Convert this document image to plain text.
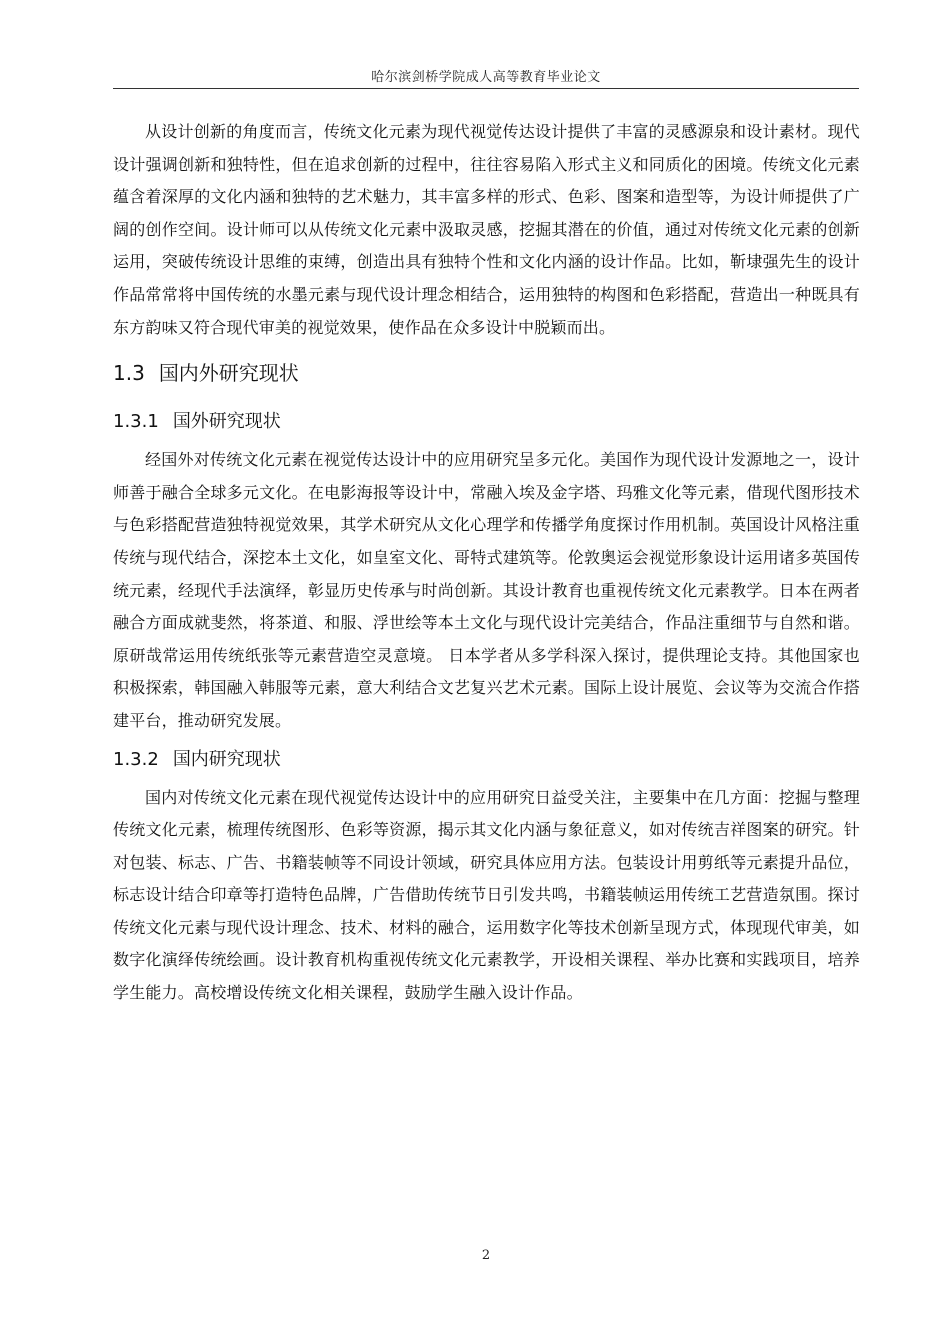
哈尔滨剑桥学院成人高等教育毕业论文

从设计创新的角度而言，传统文化元素为现代视觉传达设计提供了丰富的灵感源泉和设计素材。现代设计强调创新和独特性，但在追求创新的过程中，往往容易陷入形式主义和同质化的困境。传统文化元素蕴含着深厚的文化内涵和独特的艺术魅力，其丰富多样的形式、色彩、图案和造型等，为设计师提供了广阔的创作空间。设计师可以从传统文化元素中汲取灵感，挖掘其潜在的价值，通过对传统文化元素的创新运用，突破传统设计思维的束缚，创造出具有独特个性和文化内涵的设计作品。比如，靳埭强先生的设计作品常常将中国传统的水墨元素与现代设计理念相结合，运用独特的构图和色彩搭配，营造出一种既具有东方韵味又符合现代审美的视觉效果，使作品在众多设计中脱颖而出。

1.3 国内外研究现状
1.3.1 国外研究现状

经国外对传统文化元素在视觉传达设计中的应用研究呈多元化。美国作为现代设计发源地之一，设计师善于融合全球多元文化。在电影海报等设计中，常融入埃及金字塔、玛雅文化等元素，借现代图形技术与色彩搭配营造独特视觉效果，其学术研究从文化心理学和传播学角度探讨作用机制。英国设计风格注重传统与现代结合，深挖本土文化，如皇室文化、哥特式建筑等。伦敦奥运会视觉形象设计运用诸多英国传统元素，经现代手法演绎，彰显历史传承与时尚创新。其设计教育也重视传统文化元素教学。日本在两者融合方面成就斐然，将茶道、和服、浮世绘等本土文化与现代设计完美结合，作品注重细节与自然和谐。原研哉常运用传统纸张等元素营造空灵意境。 日本学者从多学科深入探讨，提供理论支持。其他国家也积极探索，韩国融入韩服等元素，意大利结合文艺复兴艺术元素。国际上设计展览、会议等为交流合作搭建平台，推动研究发展。

1.3.2 国内研究现状

国内对传统文化元素在现代视觉传达设计中的应用研究日益受关注，主要集中在几方面：挖掘与整理传统文化元素，梳理传统图形、色彩等资源，揭示其文化内涵与象征意义，如对传统吉祥图案的研究。针对包装、标志、广告、书籍装帧等不同设计领域，研究具体应用方法。包装设计用剪纸等元素提升品位，标志设计结合印章等打造特色品牌，广告借助传统节日引发共鸣，书籍装帧运用传统工艺营造氛围。探讨传统文化元素与现代设计理念、技术、材料的融合，运用数字化等技术创新呈现方式，体现现代审美，如数字化演绎传统绘画。设计教育机构重视传统文化元素教学，开设相关课程、举办比赛和实践项目，培养学生能力。高校增设传统文化相关课程，鼓励学生融入设计作品。

2
